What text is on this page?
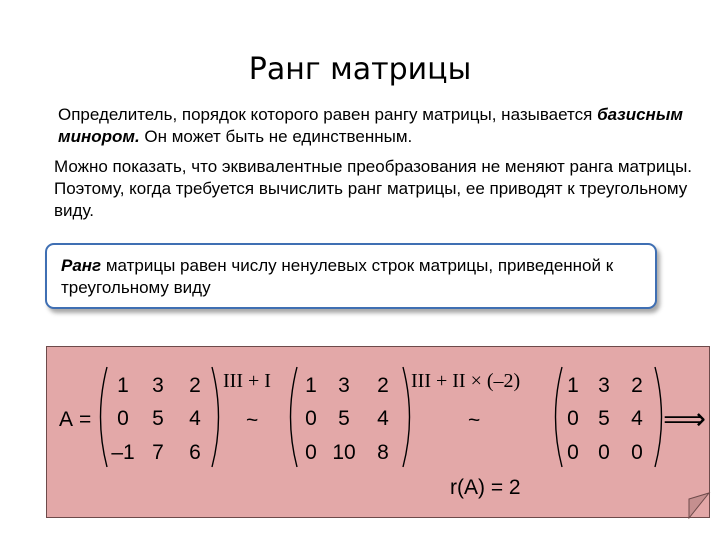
Ранг матрицы

Определитель, порядок которого равен рангу матрицы, называется базисным минором. Он может быть не единственным.

Можно показать, что эквивалентные преобразования не меняют ранга матрицы. Поэтому, когда требуется вычислить ранг матрицы, ее приводят к треугольному виду.

Ранг матрицы равен числу ненулевых строк матрицы, приведенной к треугольному виду
A =
1 3 2
0 5 4
–1 7 6
III + I
~
1 3 2
0 5 4
0 10 8
III + II × (–2)
~
1 3 2
0 5 4
0 0 0
⟹
r(A) = 2
